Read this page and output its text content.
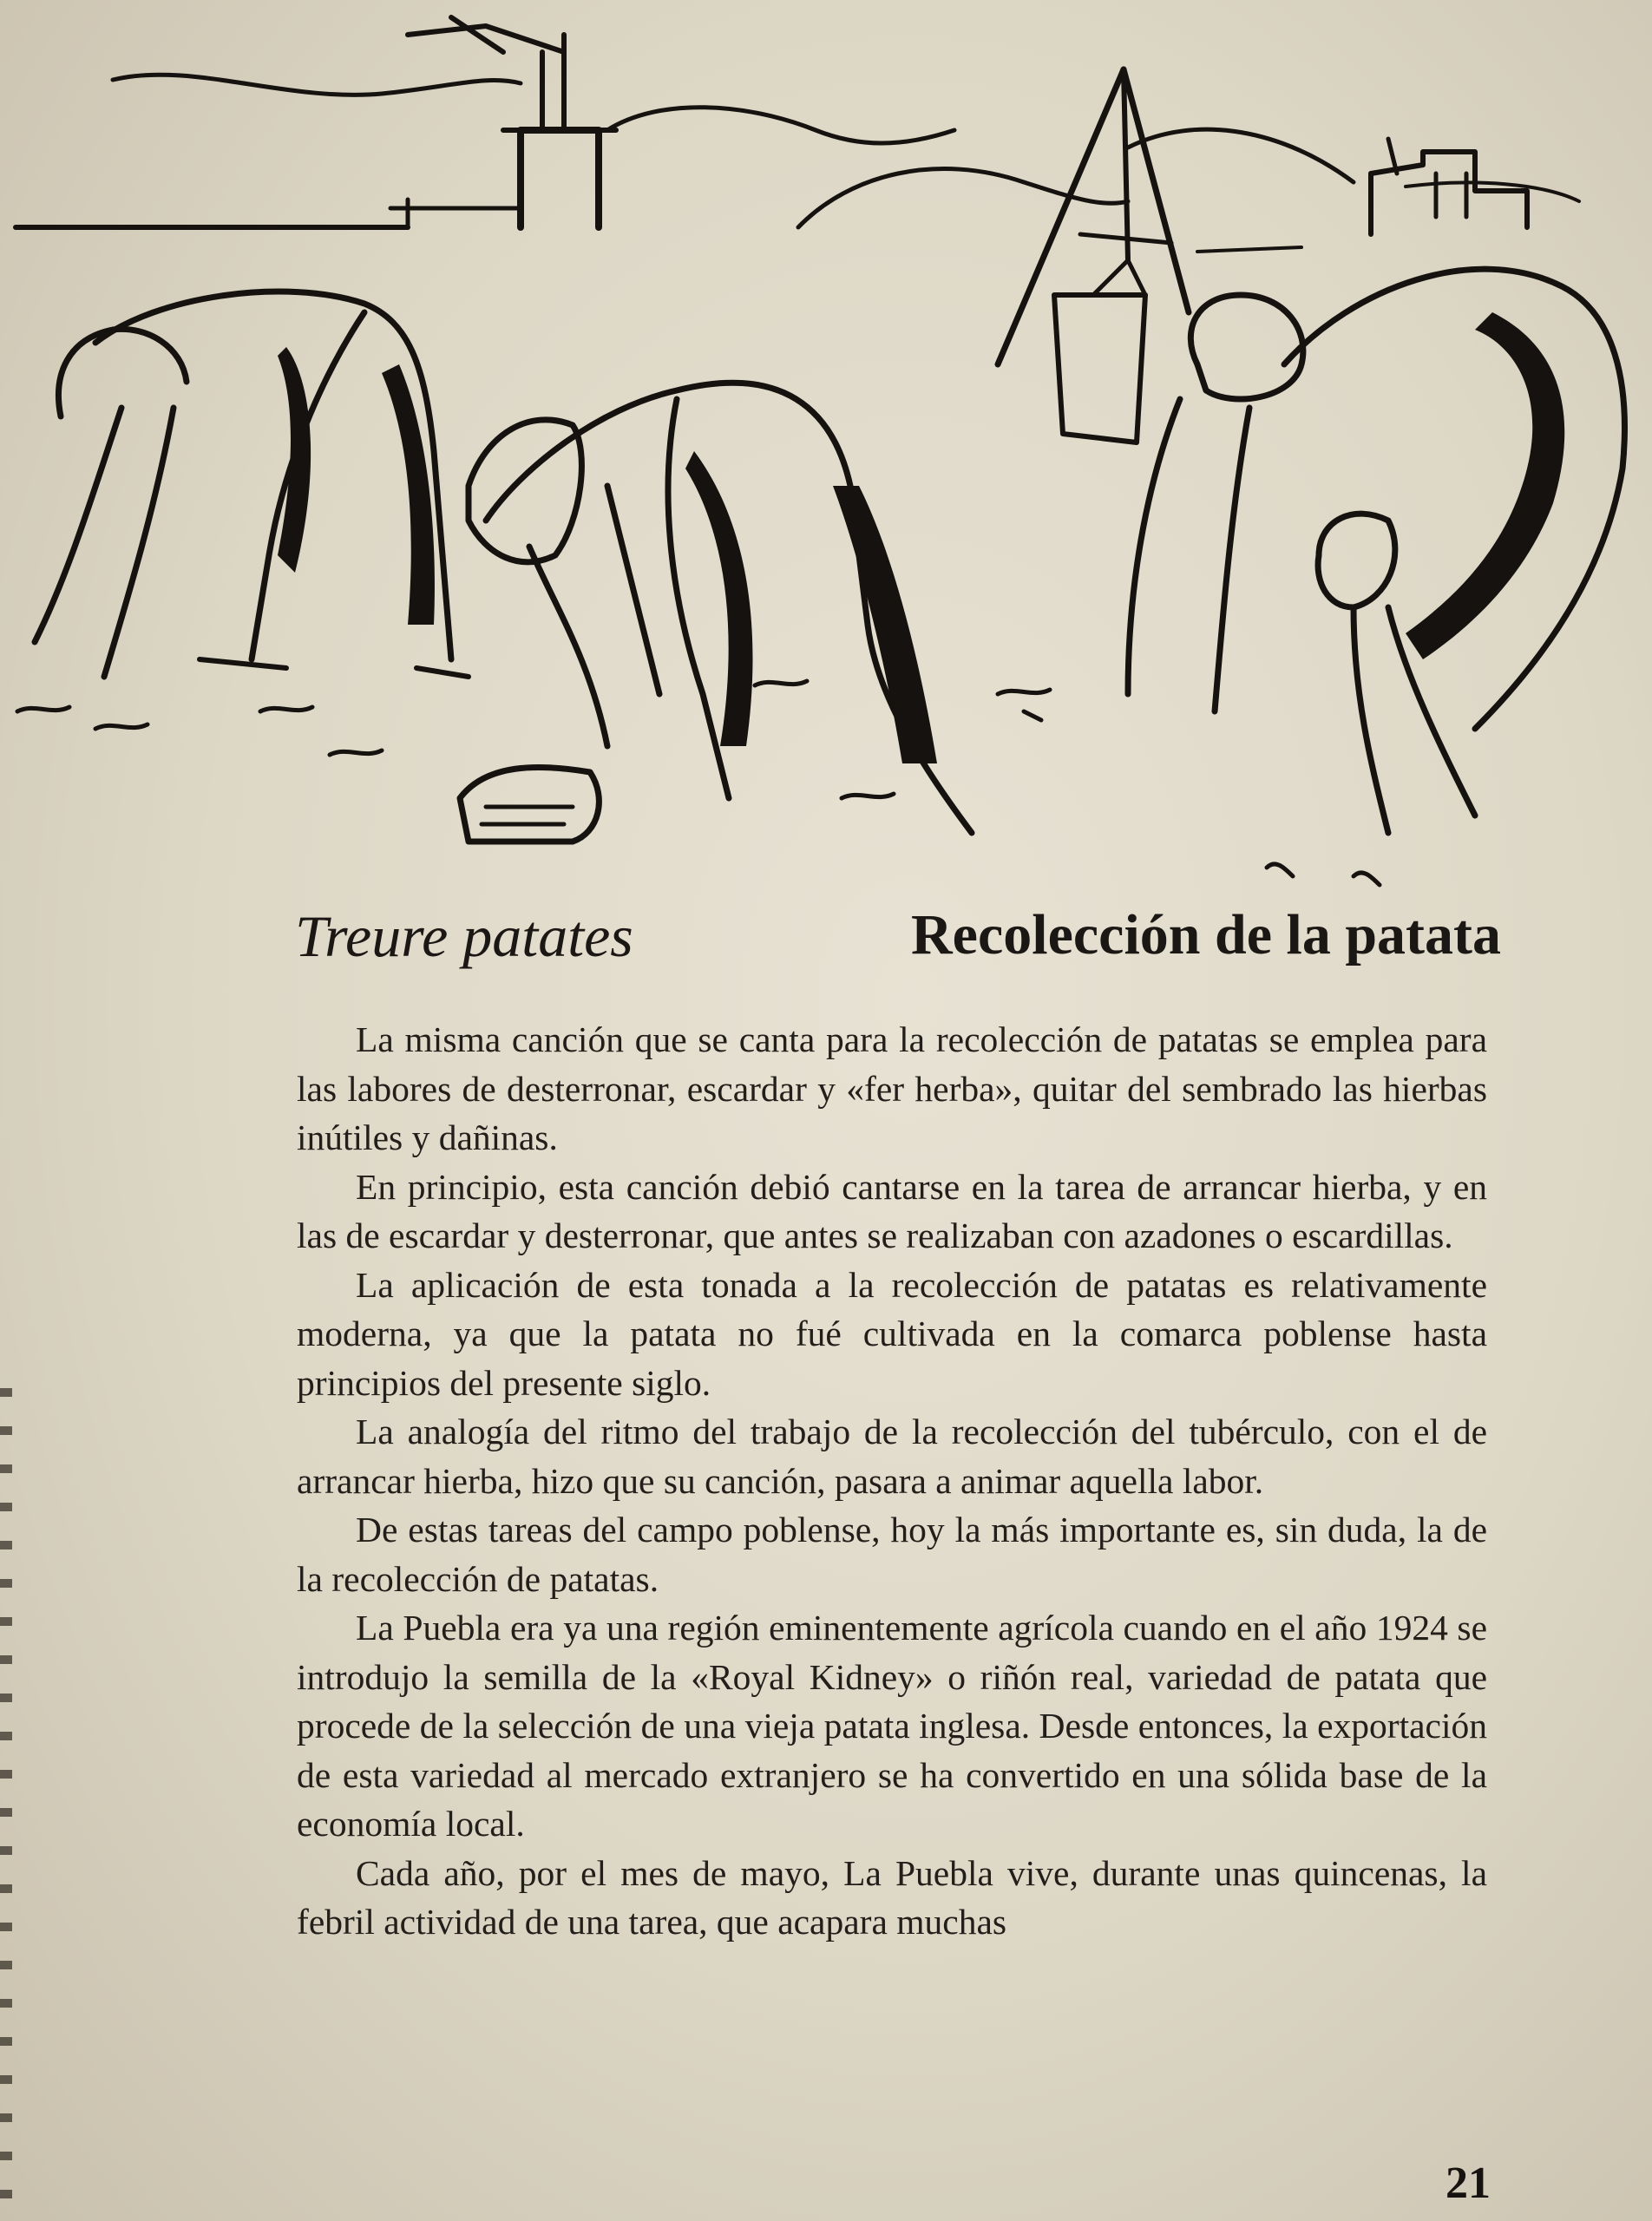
Treure patates	Recolección de la patata

La misma canción que se canta para la recolección de patatas se emplea para las labores de desterronar, escardar y «fer herba», quitar del sembrado las hierbas inútiles y dañinas.

En principio, esta canción debió cantarse en la tarea de arrancar hierba, y en las de escardar y desterronar, que antes se realizaban con azadones o escardillas.

La aplicación de esta tonada a la recolección de patatas es relativamente moderna, ya que la patata no fué cultivada en la comarca poblense hasta principios del presente siglo.

La analogía del ritmo del trabajo de la recolección del tubérculo, con el de arrancar hierba, hizo que su canción, pasara a animar aquella labor.

De estas tareas del campo poblense, hoy la más importante es, sin duda, la de la recolección de patatas.

La Puebla era ya una región eminentemente agrícola cuando en el año 1924 se introdujo la semilla de la «Royal Kidney» o riñón real, variedad de patata que procede de la selección de una vieja patata inglesa. Desde entonces, la exportación de esta variedad al mercado extranjero se ha convertido en una sólida base de la economía local.

Cada año, por el mes de mayo, La Puebla vive, durante unas quincenas, la febril actividad de una tarea, que acapara muchas

21
